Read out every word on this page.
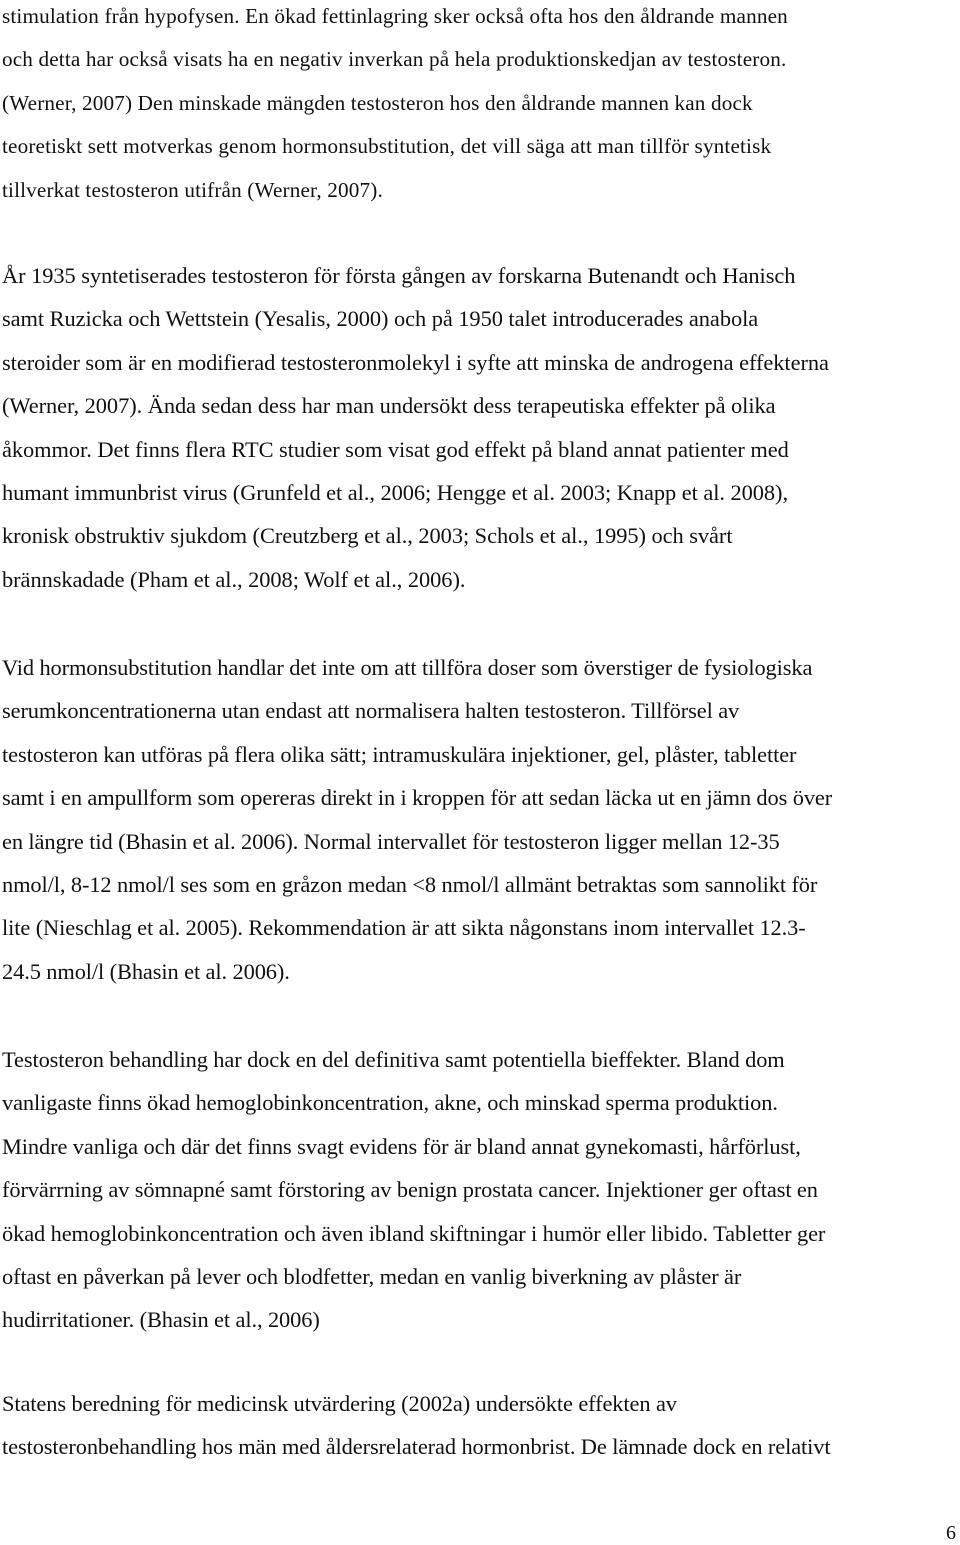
stimulation från hypofysen. En ökad fettinlagring sker också ofta hos den åldrande mannen
och detta har också visats ha en negativ inverkan på hela produktionskedjan av testosteron.
(Werner, 2007) Den minskade mängden testosteron hos den åldrande mannen kan dock
teoretiskt sett motverkas genom hormonsubstitution, det vill säga att man tillför syntetisk
tillverkat testosteron utifrån (Werner, 2007).

År 1935 syntetiserades testosteron för första gången av forskarna Butenandt och Hanisch
samt Ruzicka och Wettstein (Yesalis, 2000) och på 1950 talet introducerades anabola
steroider som är en modifierad testosteronmolekyl i syfte att minska de androgena effekterna
(Werner, 2007). Ända sedan dess har man undersökt dess terapeutiska effekter på olika
åkommor. Det finns flera RTC studier som visat god effekt på bland annat patienter med
humant immunbrist virus (Grunfeld et al., 2006; Hengge et al. 2003; Knapp et al. 2008),
kronisk obstruktiv sjukdom (Creutzberg et al., 2003; Schols et al., 1995) och svårt
brännskadade (Pham et al., 2008; Wolf et al., 2006).

Vid hormonsubstitution handlar det inte om att tillföra doser som överstiger de fysiologiska
serumkoncentrationerna utan endast att normalisera halten testosteron. Tillförsel av
testosteron kan utföras på flera olika sätt; intramuskulära injektioner, gel, plåster, tabletter
samt i en ampullform som opereras direkt in i kroppen för att sedan läcka ut en jämn dos över
en längre tid (Bhasin et al. 2006). Normal intervallet för testosteron ligger mellan 12-35
nmol/l, 8-12 nmol/l ses som en gråzon medan <8 nmol/l allmänt betraktas som sannolikt för
lite (Nieschlag et al. 2005). Rekommendation är att sikta någonstans inom intervallet 12.3-
24.5 nmol/l (Bhasin et al. 2006).

Testosteron behandling har dock en del definitiva samt potentiella bieffekter. Bland dom
vanligaste finns ökad hemoglobinkoncentration, akne, och minskad sperma produktion.
Mindre vanliga och där det finns svagt evidens för är bland annat gynekomasti, hårförlust,
förvärrning av sömnapné samt förstoring av benign prostata cancer. Injektioner ger oftast en
ökad hemoglobinkoncentration och även ibland skiftningar i humör eller libido. Tabletter ger
oftast en påverkan på lever och blodfetter, medan en vanlig biverkning av plåster är
hudirritationer. (Bhasin et al., 2006)

Statens beredning för medicinsk utvärdering (2002a) undersökte effekten av
testosteronbehandling hos män med åldersrelaterad hormonbrist. De lämnade dock en relativt

6
